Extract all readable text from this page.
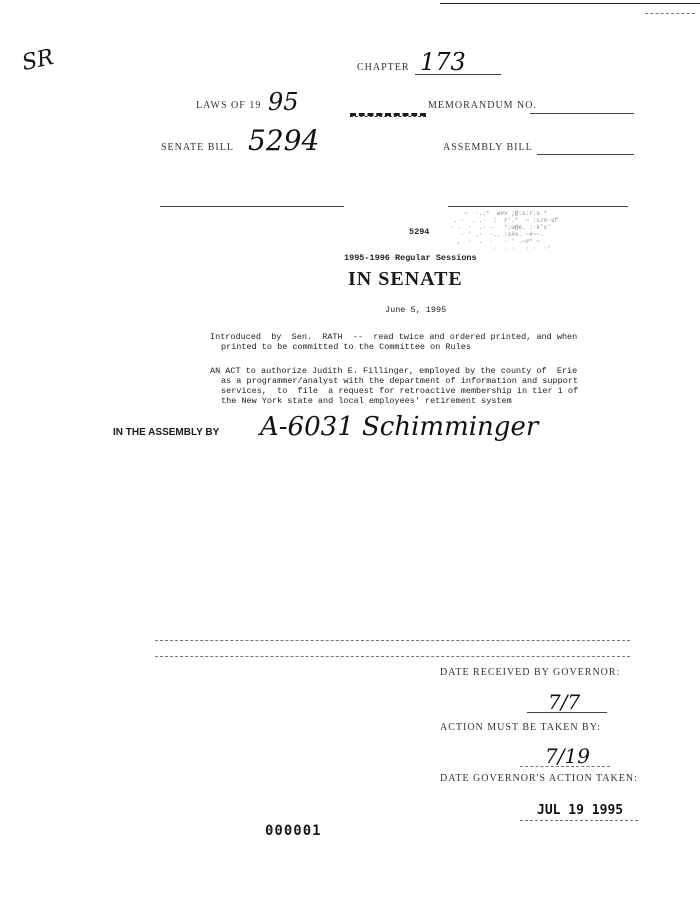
SR	CHAPTER 173
LAWS OF 19 95	MEMORANDUM NO.
SENATE BILL 5294	ASSEMBLY BILL
~  ·.:*  w#x ;@:s:r.s *
. ·  . .·  :  r'.*  ~ :c/#·sf
· .  ·  .· -   *:u@e. :·k'x'
· ' .·  ·.. :s#x. ~#~~.
,  ·  .  ·   · ' .~#* ~
·  . ·   · ·  ·'
5294
1995-1996 Regular Sessions
IN SENATE
June 5, 1995
Introduced  by  Sen.  RATH  --  read twice and ordered printed, and when
printed to be committed to the Committee on Rules
AN ACT to authorize Judith E. Fillinger, employed by the county of  Erie
as a programmer/analyst with the department of information and support
services,  to  file  a request for retroactive membership in tier 1 of
the New York state and local employees' retirement system
IN THE ASSEMBLY BY A-6031 Schimminger
DATE RECEIVED BY GOVERNOR:
7/7
ACTION MUST BE TAKEN BY:
7/19
DATE GOVERNOR'S ACTION TAKEN:
JUL 19 1995
000001
